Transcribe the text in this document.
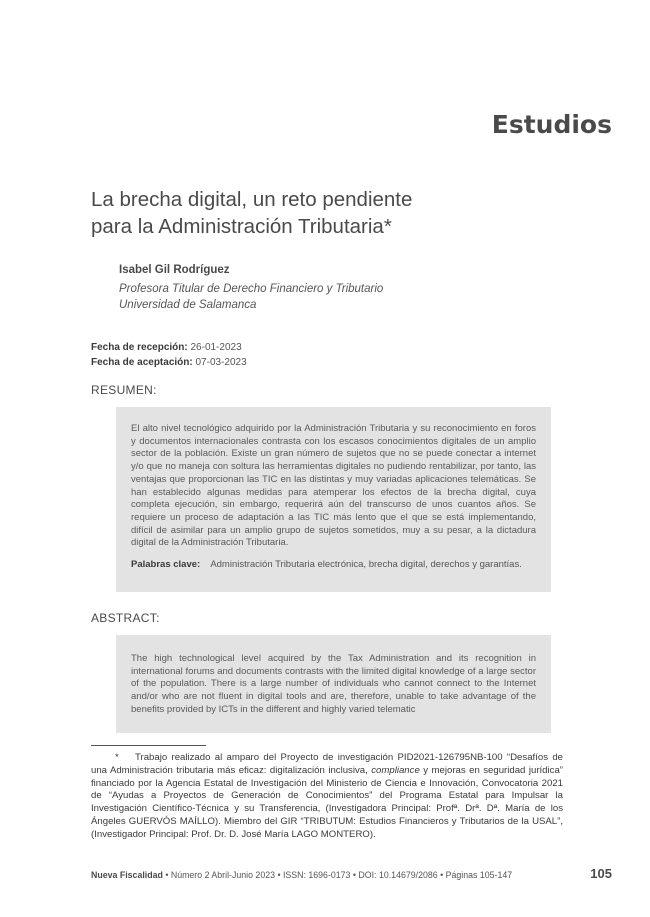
Estudios
La brecha digital, un reto pendiente
para la Administración Tributaria*
Isabel Gil Rodríguez
Profesora Titular de Derecho Financiero y Tributario
Universidad de Salamanca
Fecha de recepción: 26-01-2023
Fecha de aceptación: 07-03-2023
RESUMEN:

El alto nivel tecnológico adquirido por la Administración Tributaria y su reconocimiento en foros y documentos internacionales contrasta con los escasos conocimientos digitales de un amplio sector de la población. Existe un gran número de sujetos que no se puede conectar a internet y/o que no maneja con soltura las herramientas digitales no pudiendo rentabilizar, por tanto, las ventajas que proporcionan las TIC en las distintas y muy variadas aplicaciones telemáticas. Se han establecido algunas medidas para atemperar los efectos de la brecha digital, cuya completa ejecución, sin embargo, requerirá aún del transcurso de unos cuantos años. Se requiere un proceso de adaptación a las TIC más lento que el que se está implementando, difícil de asimilar para un amplio grupo de sujetos sometidos, muy a su pesar, a la dictadura digital de la Administración Tributaria.

Palabras clave: Administración Tributaria electrónica, brecha digital, derechos y garantías.
ABSTRACT:

The high technological level acquired by the Tax Administration and its recognition in international forums and documents contrasts with the limited digital knowledge of a large sector of the population. There is a large number of individuals who cannot connect to the Internet and/or who are not fluent in digital tools and are, therefore, unable to take advantage of the benefits provided by ICTs in the different and highly varied telematic

* Trabajo realizado al amparo del Proyecto de investigación PID2021-126795NB-100 “Desafíos de una Administración tributaria más eficaz: digitalización inclusiva, compliance y mejoras en seguridad jurídica” financiado por la Agencia Estatal de Investigación del Ministerio de Ciencia e Innovación, Convocatoria 2021 de “Ayudas a Proyectos de Generación de Conocimientos” del Programa Estatal para Impulsar la Investigación Científico-Técnica y su Transferencia, (Investigadora Principal: Profª. Drª. Dª. María de los Ángeles GUERVÓS MAÍLLO). Miembro del GIR “TRIBUTUM: Estudios Financieros y Tributarios de la USAL”, (Investigador Principal: Prof. Dr. D. José María LAGO MONTERO).
Nueva Fiscalidad • Número 2 Abril-Junio 2023 • ISSN: 1696-0173 • DOI: 10.14679/2086 • Páginas 105-147	105
